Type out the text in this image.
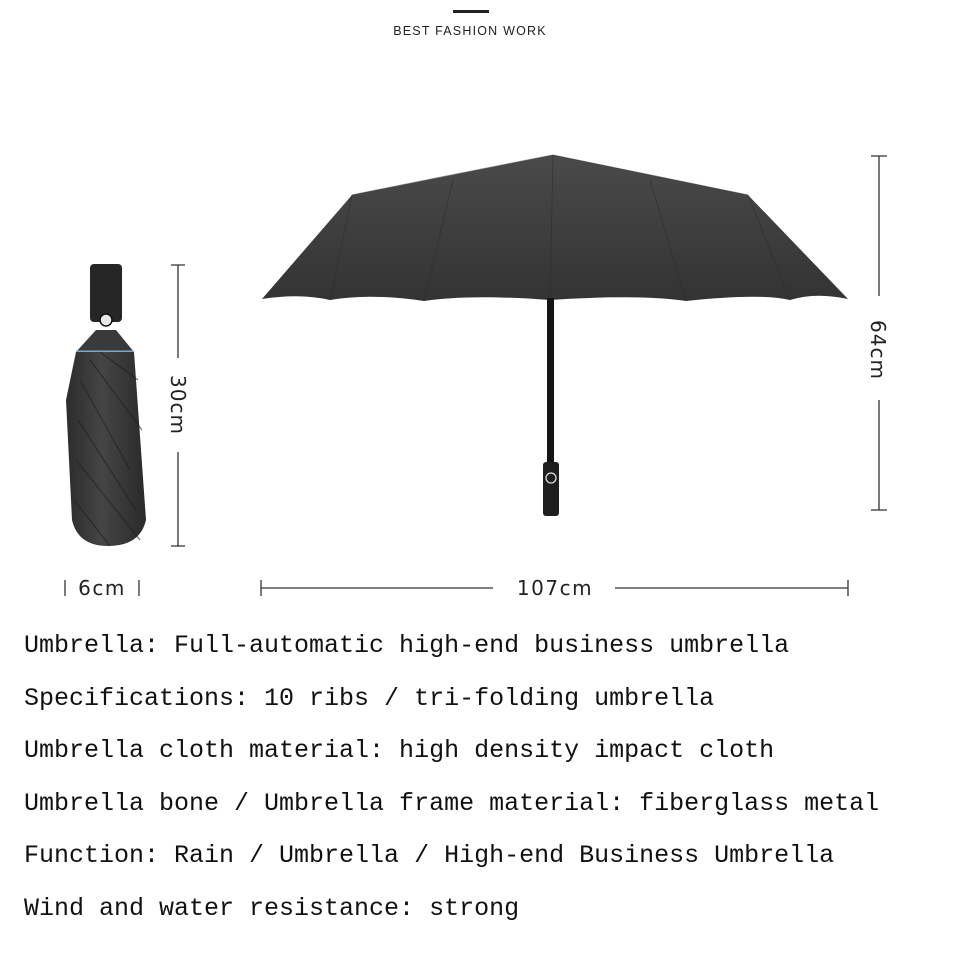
BEST FASHION WORK
30cm
64cm
6cm	107cm
Umbrella: Full-automatic high-end business umbrella
Specifications: 10 ribs / tri-folding umbrella
Umbrella cloth material: high density impact cloth
Umbrella bone / Umbrella frame material: fiberglass metal
Function: Rain / Umbrella / High-end Business Umbrella
Wind and water resistance: strong
